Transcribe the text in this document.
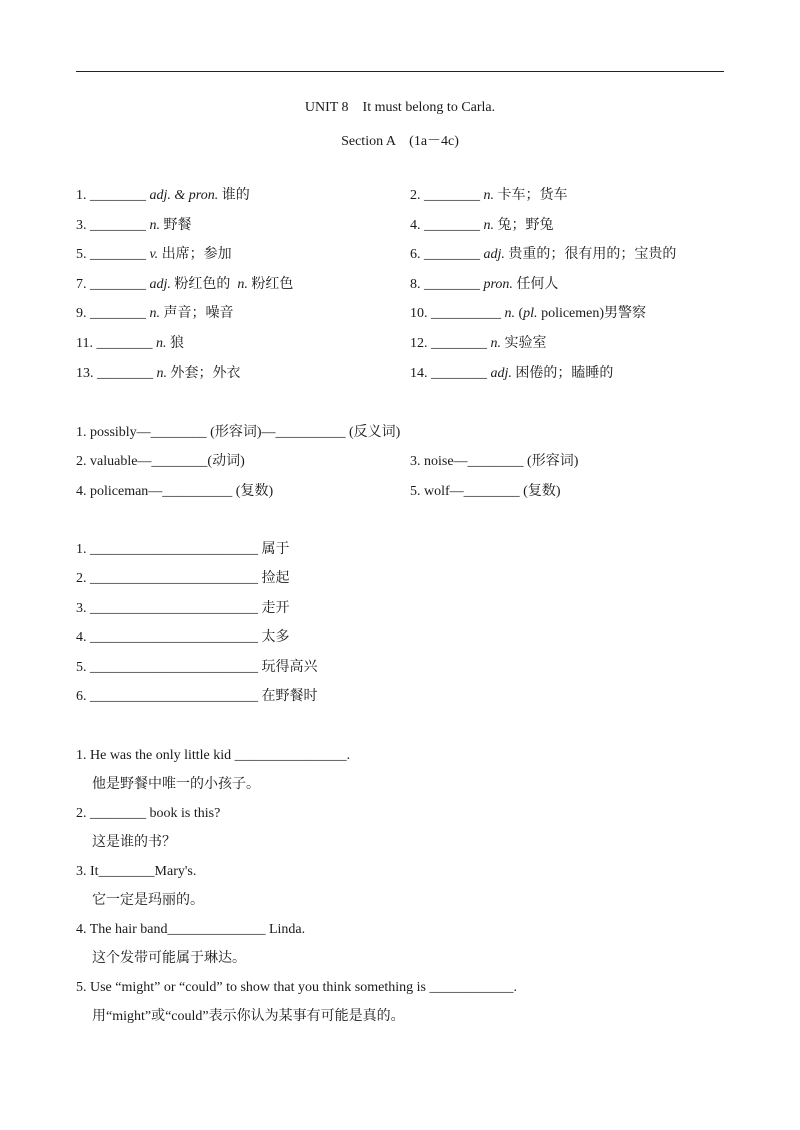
UNIT 8    It must belong to Carla.
Section A    (1a－4c)
1. ________ adj. & pron. 谁的
3. ________ n. 野餐
5. ________ v. 出席；参加
7. ________ adj. 粉红色的  n. 粉红色
9. ________ n. 声音；噪音
11. ________ n. 狼
13. ________ n. 外套；外衣
2. ________ n. 卡车；货车
4. ________ n. 兔；野兔
6. ________ adj. 贵重的；很有用的；宝贵的
8. ________ pron. 任何人
10. __________ n. (pl. policemen)男警察
12. ________ n. 实验室
14. ________ adj. 困倦的；瞌睡的
1. possibly—________ (形容词)—__________ (反义词)
2. valuable—________(动词)	3. noise—________ (形容词)
4. policeman—__________ (复数)	5. wolf—________ (复数)
1. ________________________ 属于
2. ________________________ 捡起
3. ________________________ 走开
4. ________________________ 太多
5. ________________________ 玩得高兴
6. ________________________ 在野餐时
1. He was the only little kid ________________.
他是野餐中唯一的小孩子。
2. ________ book is this?
这是谁的书？
3. It________Mary's.
它一定是玛丽的。
4. The hair band______________ Linda.
这个发带可能属于琳达。
5. Use “might” or “could” to show that you think something is ____________.
用“might”或“could”表示你认为某事有可能是真的。
